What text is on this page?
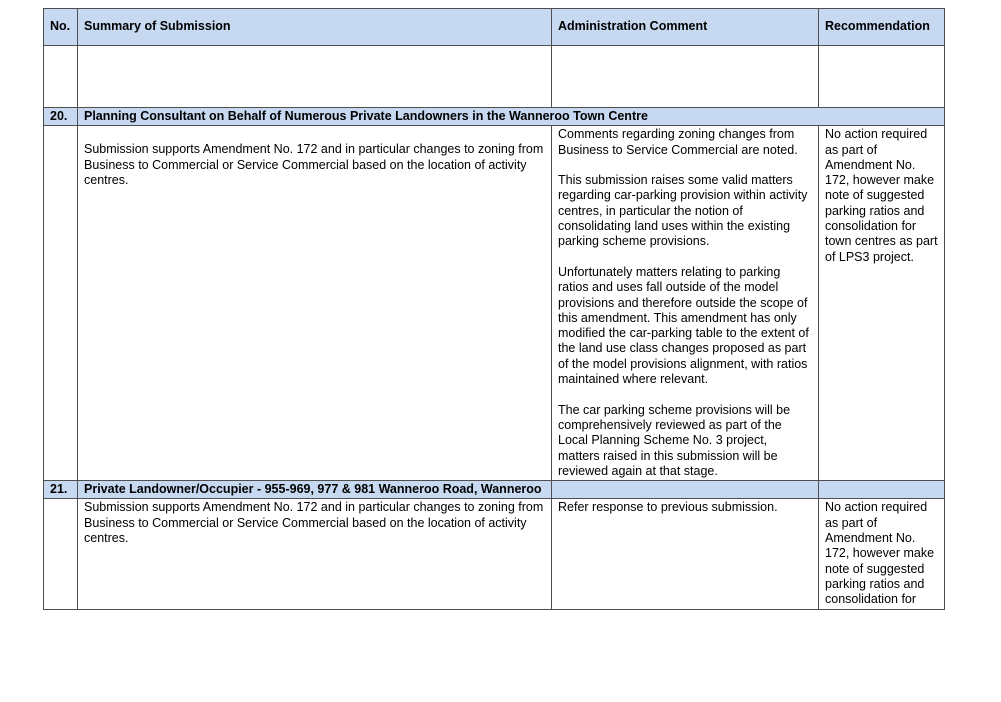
No.	Summary of Submission	Administration Comment	Recommendation

20.	Planning Consultant on Behalf of Numerous Private Landowners in the Wanneroo Town Centre		
	Submission supports Amendment No. 172 and in particular changes to zoning from Business to Commercial or Service Commercial based on the location of activity centres.	Comments regarding zoning changes from Business to Service Commercial are noted.

This submission raises some valid matters regarding car-parking provision within activity centres, in particular the notion of consolidating land uses within the existing parking scheme provisions.

Unfortunately matters relating to parking ratios and uses fall outside of the model provisions and therefore outside the scope of this amendment. This amendment has only modified the car-parking table to the extent of the land use class changes proposed as part of the model provisions alignment, with ratios maintained where relevant.

The car parking scheme provisions will be comprehensively reviewed as part of the Local Planning Scheme No. 3 project, matters raised in this submission will be reviewed again at that stage.	No action required as part of Amendment No. 172, however make note of suggested parking ratios and consolidation for town centres as part of LPS3 project.
21.	Private Landowner/Occupier - 955-969, 977 & 981 Wanneroo Road, Wanneroo		
	Submission supports Amendment No. 172 and in particular changes to zoning from Business to Commercial or Service Commercial based on the location of activity centres.	Refer response to previous submission.	No action required as part of Amendment No. 172, however make note of suggested parking ratios and consolidation for
